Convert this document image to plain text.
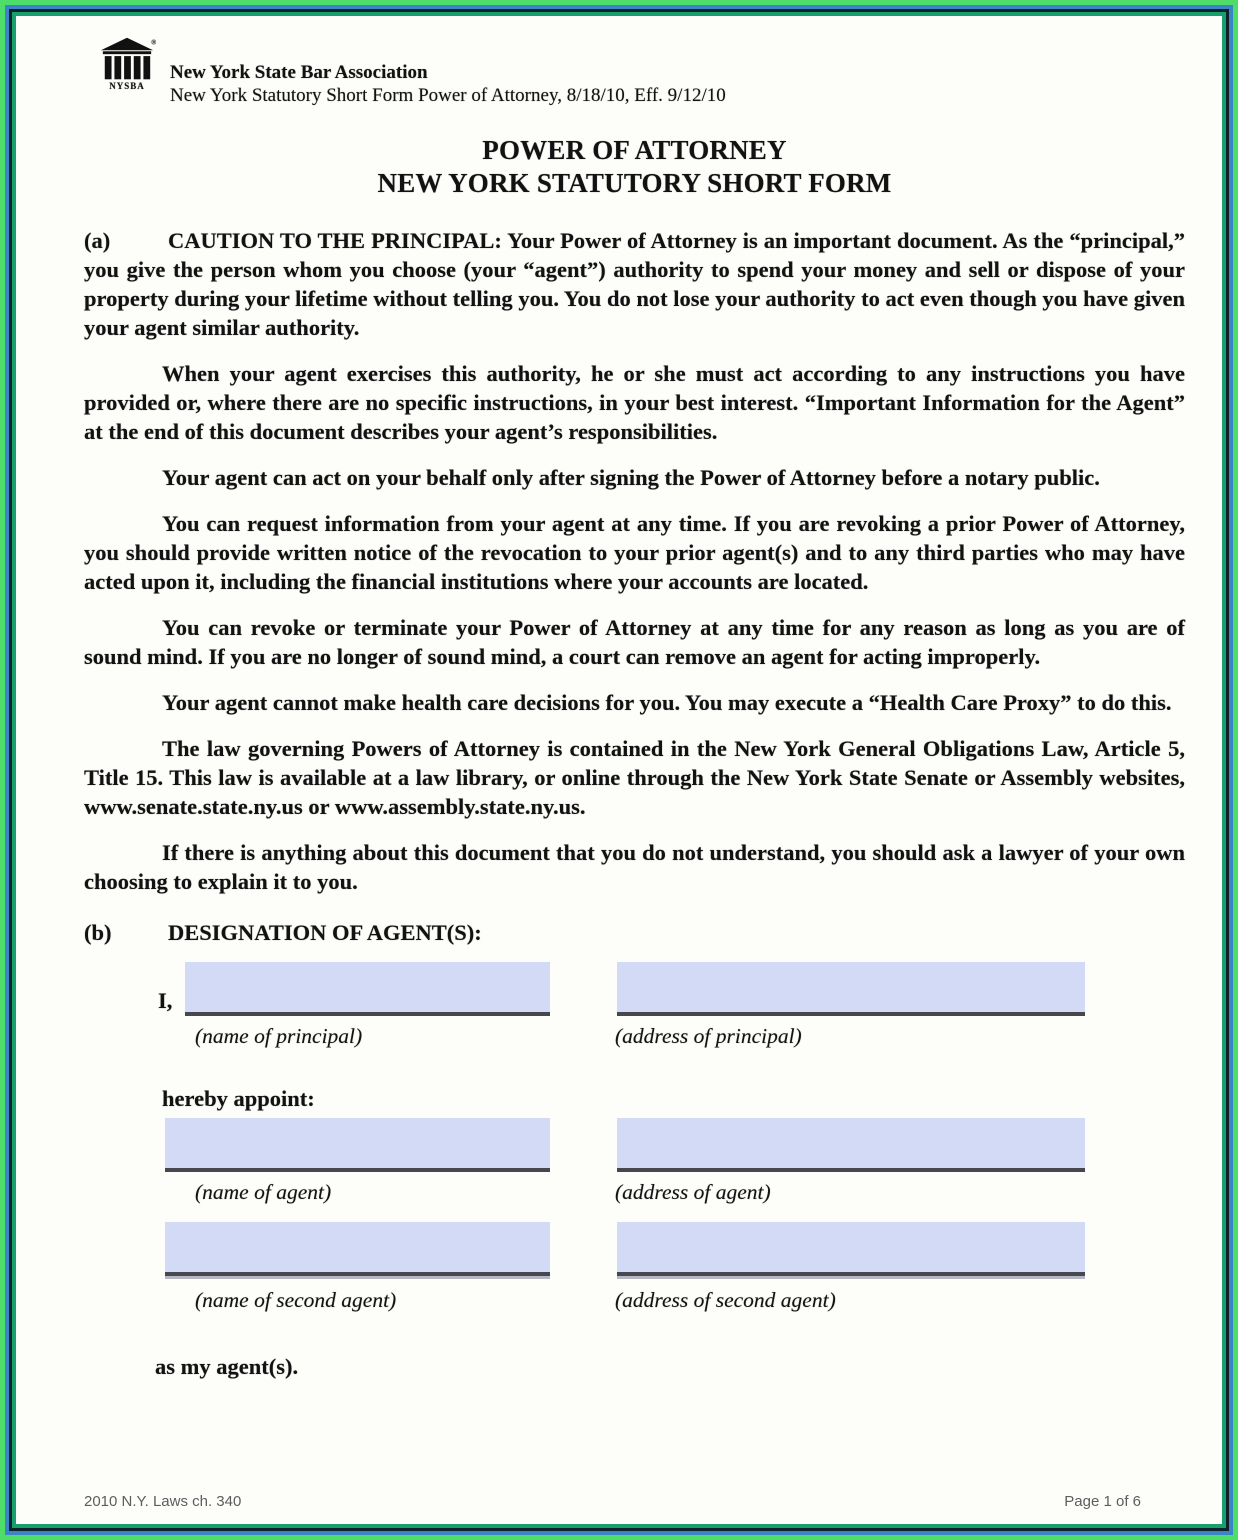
®
NYSBA
New York State Bar Association
New York Statutory Short Form Power of Attorney, 8/18/10, Eff. 9/12/10
POWER OF ATTORNEY
NEW YORK STATUTORY SHORT FORM

(a)	CAUTION TO THE PRINCIPAL: Your Power of Attorney is an important document. As the “principal,” you give the person whom you choose (your “agent”) authority to spend your money and sell or dispose of your property during your lifetime without telling you. You do not lose your authority to act even though you have given your agent similar authority.

When your agent exercises this authority, he or she must act according to any instructions you have provided or, where there are no specific instructions, in your best interest. “Important Information for the Agent” at the end of this document describes your agent’s responsibilities.

Your agent can act on your behalf only after signing the Power of Attorney before a notary public.

You can request information from your agent at any time. If you are revoking a prior Power of Attorney, you should provide written notice of the revocation to your prior agent(s) and to any third parties who may have acted upon it, including the financial institutions where your accounts are located.

You can revoke or terminate your Power of Attorney at any time for any reason as long as you are of sound mind. If you are no longer of sound mind, a court can remove an agent for acting improperly.

Your agent cannot make health care decisions for you. You may execute a “Health Care Proxy” to do this.

The law governing Powers of Attorney is contained in the New York General Obligations Law, Article 5, Title 15. This law is available at a law library, or online through the New York State Senate or Assembly websites, www.senate.state.ny.us or www.assembly.state.ny.us.

If there is anything about this document that you do not understand, you should ask a lawyer of your own choosing to explain it to you.

(b)	DESIGNATION OF AGENT(S):
I,
(name of principal)	(address of principal)
hereby appoint:
(name of agent)	(address of agent)
(name of second agent)	(address of second agent)
as my agent(s).
2010 N.Y. Laws ch. 340	Page 1 of 6
